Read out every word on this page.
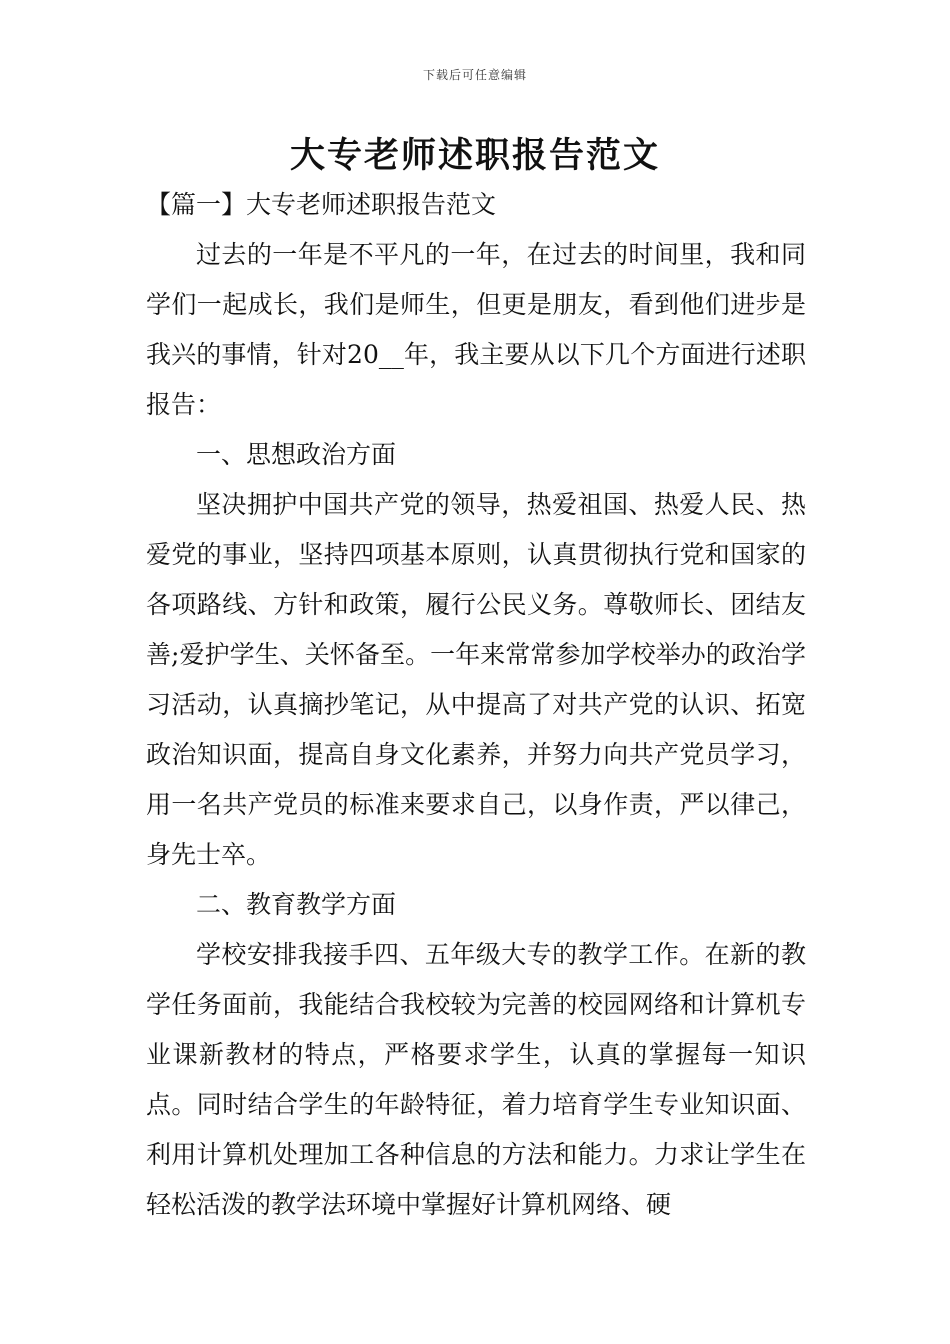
下载后可任意编辑
大专老师述职报告范文

【篇一】大专老师述职报告范文

过去的一年是不平凡的一年，在过去的时间里，我和同学们一起成长，我们是师生，但更是朋友，看到他们进步是我兴的事情，针对20__年，我主要从以下几个方面进行述职报告：

一、思想政治方面

坚决拥护中国共产党的领导，热爱祖国、热爱人民、热爱党的事业，坚持四项基本原则，认真贯彻执行党和国家的各项路线、方针和政策，履行公民义务。尊敬师长、团结友善;爱护学生、关怀备至。一年来常常参加学校举办的政治学习活动，认真摘抄笔记，从中提高了对共产党的认识、拓宽政治知识面，提高自身文化素养，并努力向共产党员学习，用一名共产党员的标准来要求自己，以身作责，严以律己，身先士卒。

二、教育教学方面

学校安排我接手四、五年级大专的教学工作。在新的教学任务面前，我能结合我校较为完善的校园网络和计算机专业课新教材的特点，严格要求学生，认真的掌握每一知识点。同时结合学生的年龄特征，着力培育学生专业知识面、利用计算机处理加工各种信息的方法和能力。力求让学生在轻松活泼的教学法环境中掌握好计算机网络、硬
